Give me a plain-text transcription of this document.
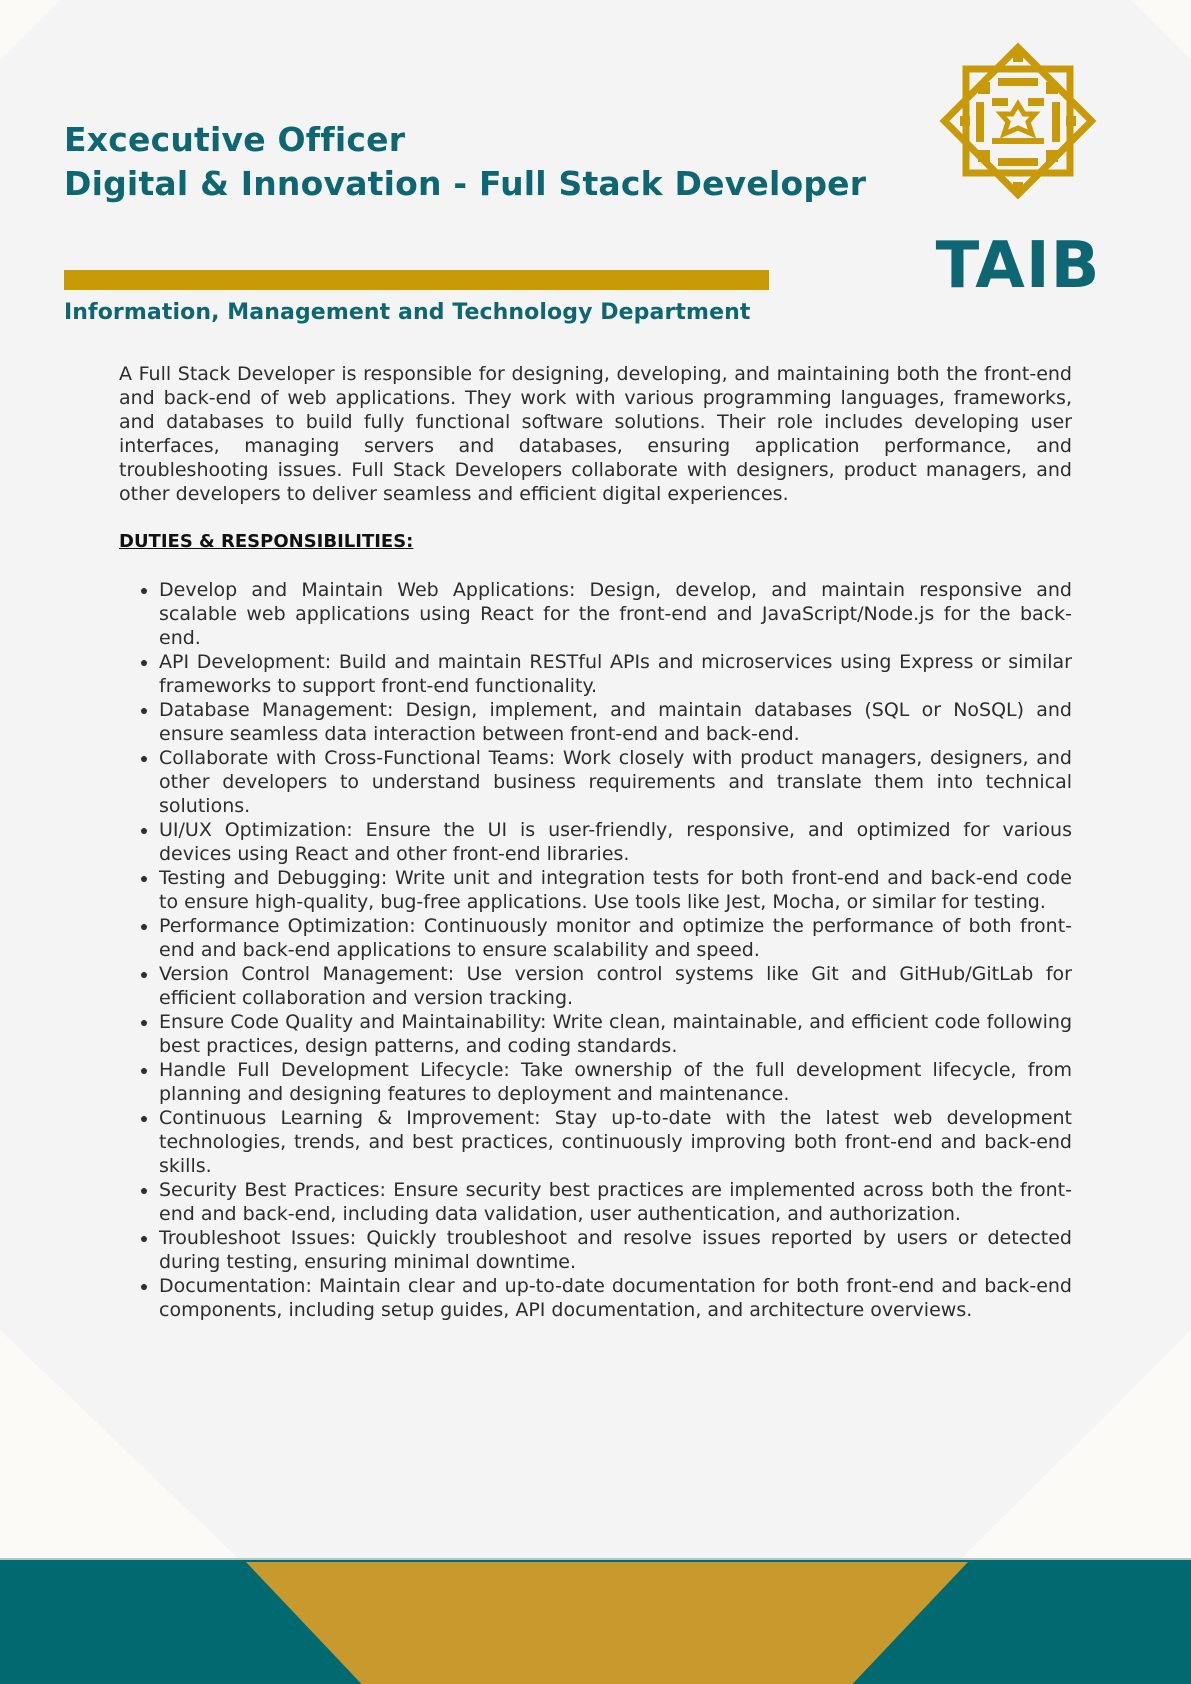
Excecutive Officer
Digital & Innovation - Full Stack Developer
Information, Management and Technology Department
TAIB

A Full Stack Developer is responsible for designing, developing, and maintaining both the front-end and back-end of web applications. They work with various programming languages, frameworks, and databases to build fully functional software solutions. Their role includes developing user interfaces, managing servers and databases, ensuring application performance, and troubleshooting issues. Full Stack Developers collaborate with designers, product managers, and other developers to deliver seamless and efficient digital experiences.

DUTIES & RESPONSIBILITIES:
• Develop and Maintain Web Applications: Design, develop, and maintain responsive and scalable web applications using React for the front-end and JavaScript/Node.js for the back-end.
• API Development: Build and maintain RESTful APIs and microservices using Express or similar frameworks to support front-end functionality.
• Database Management: Design, implement, and maintain databases (SQL or NoSQL) and ensure seamless data interaction between front-end and back-end.
• Collaborate with Cross-Functional Teams: Work closely with product managers, designers, and other developers to understand business requirements and translate them into technical solutions.
• UI/UX Optimization: Ensure the UI is user-friendly, responsive, and optimized for various devices using React and other front-end libraries.
• Testing and Debugging: Write unit and integration tests for both front-end and back-end code to ensure high-quality, bug-free applications. Use tools like Jest, Mocha, or similar for testing.
• Performance Optimization: Continuously monitor and optimize the performance of both front-end and back-end applications to ensure scalability and speed.
• Version Control Management: Use version control systems like Git and GitHub/GitLab for efficient collaboration and version tracking.
• Ensure Code Quality and Maintainability: Write clean, maintainable, and efficient code following best practices, design patterns, and coding standards.
• Handle Full Development Lifecycle: Take ownership of the full development lifecycle, from planning and designing features to deployment and maintenance.
• Continuous Learning & Improvement: Stay up-to-date with the latest web development technologies, trends, and best practices, continuously improving both front-end and back-end skills.
• Security Best Practices: Ensure security best practices are implemented across both the front-end and back-end, including data validation, user authentication, and authorization.
• Troubleshoot Issues: Quickly troubleshoot and resolve issues reported by users or detected during testing, ensuring minimal downtime.
• Documentation: Maintain clear and up-to-date documentation for both front-end and back-end components, including setup guides, API documentation, and architecture overviews.
